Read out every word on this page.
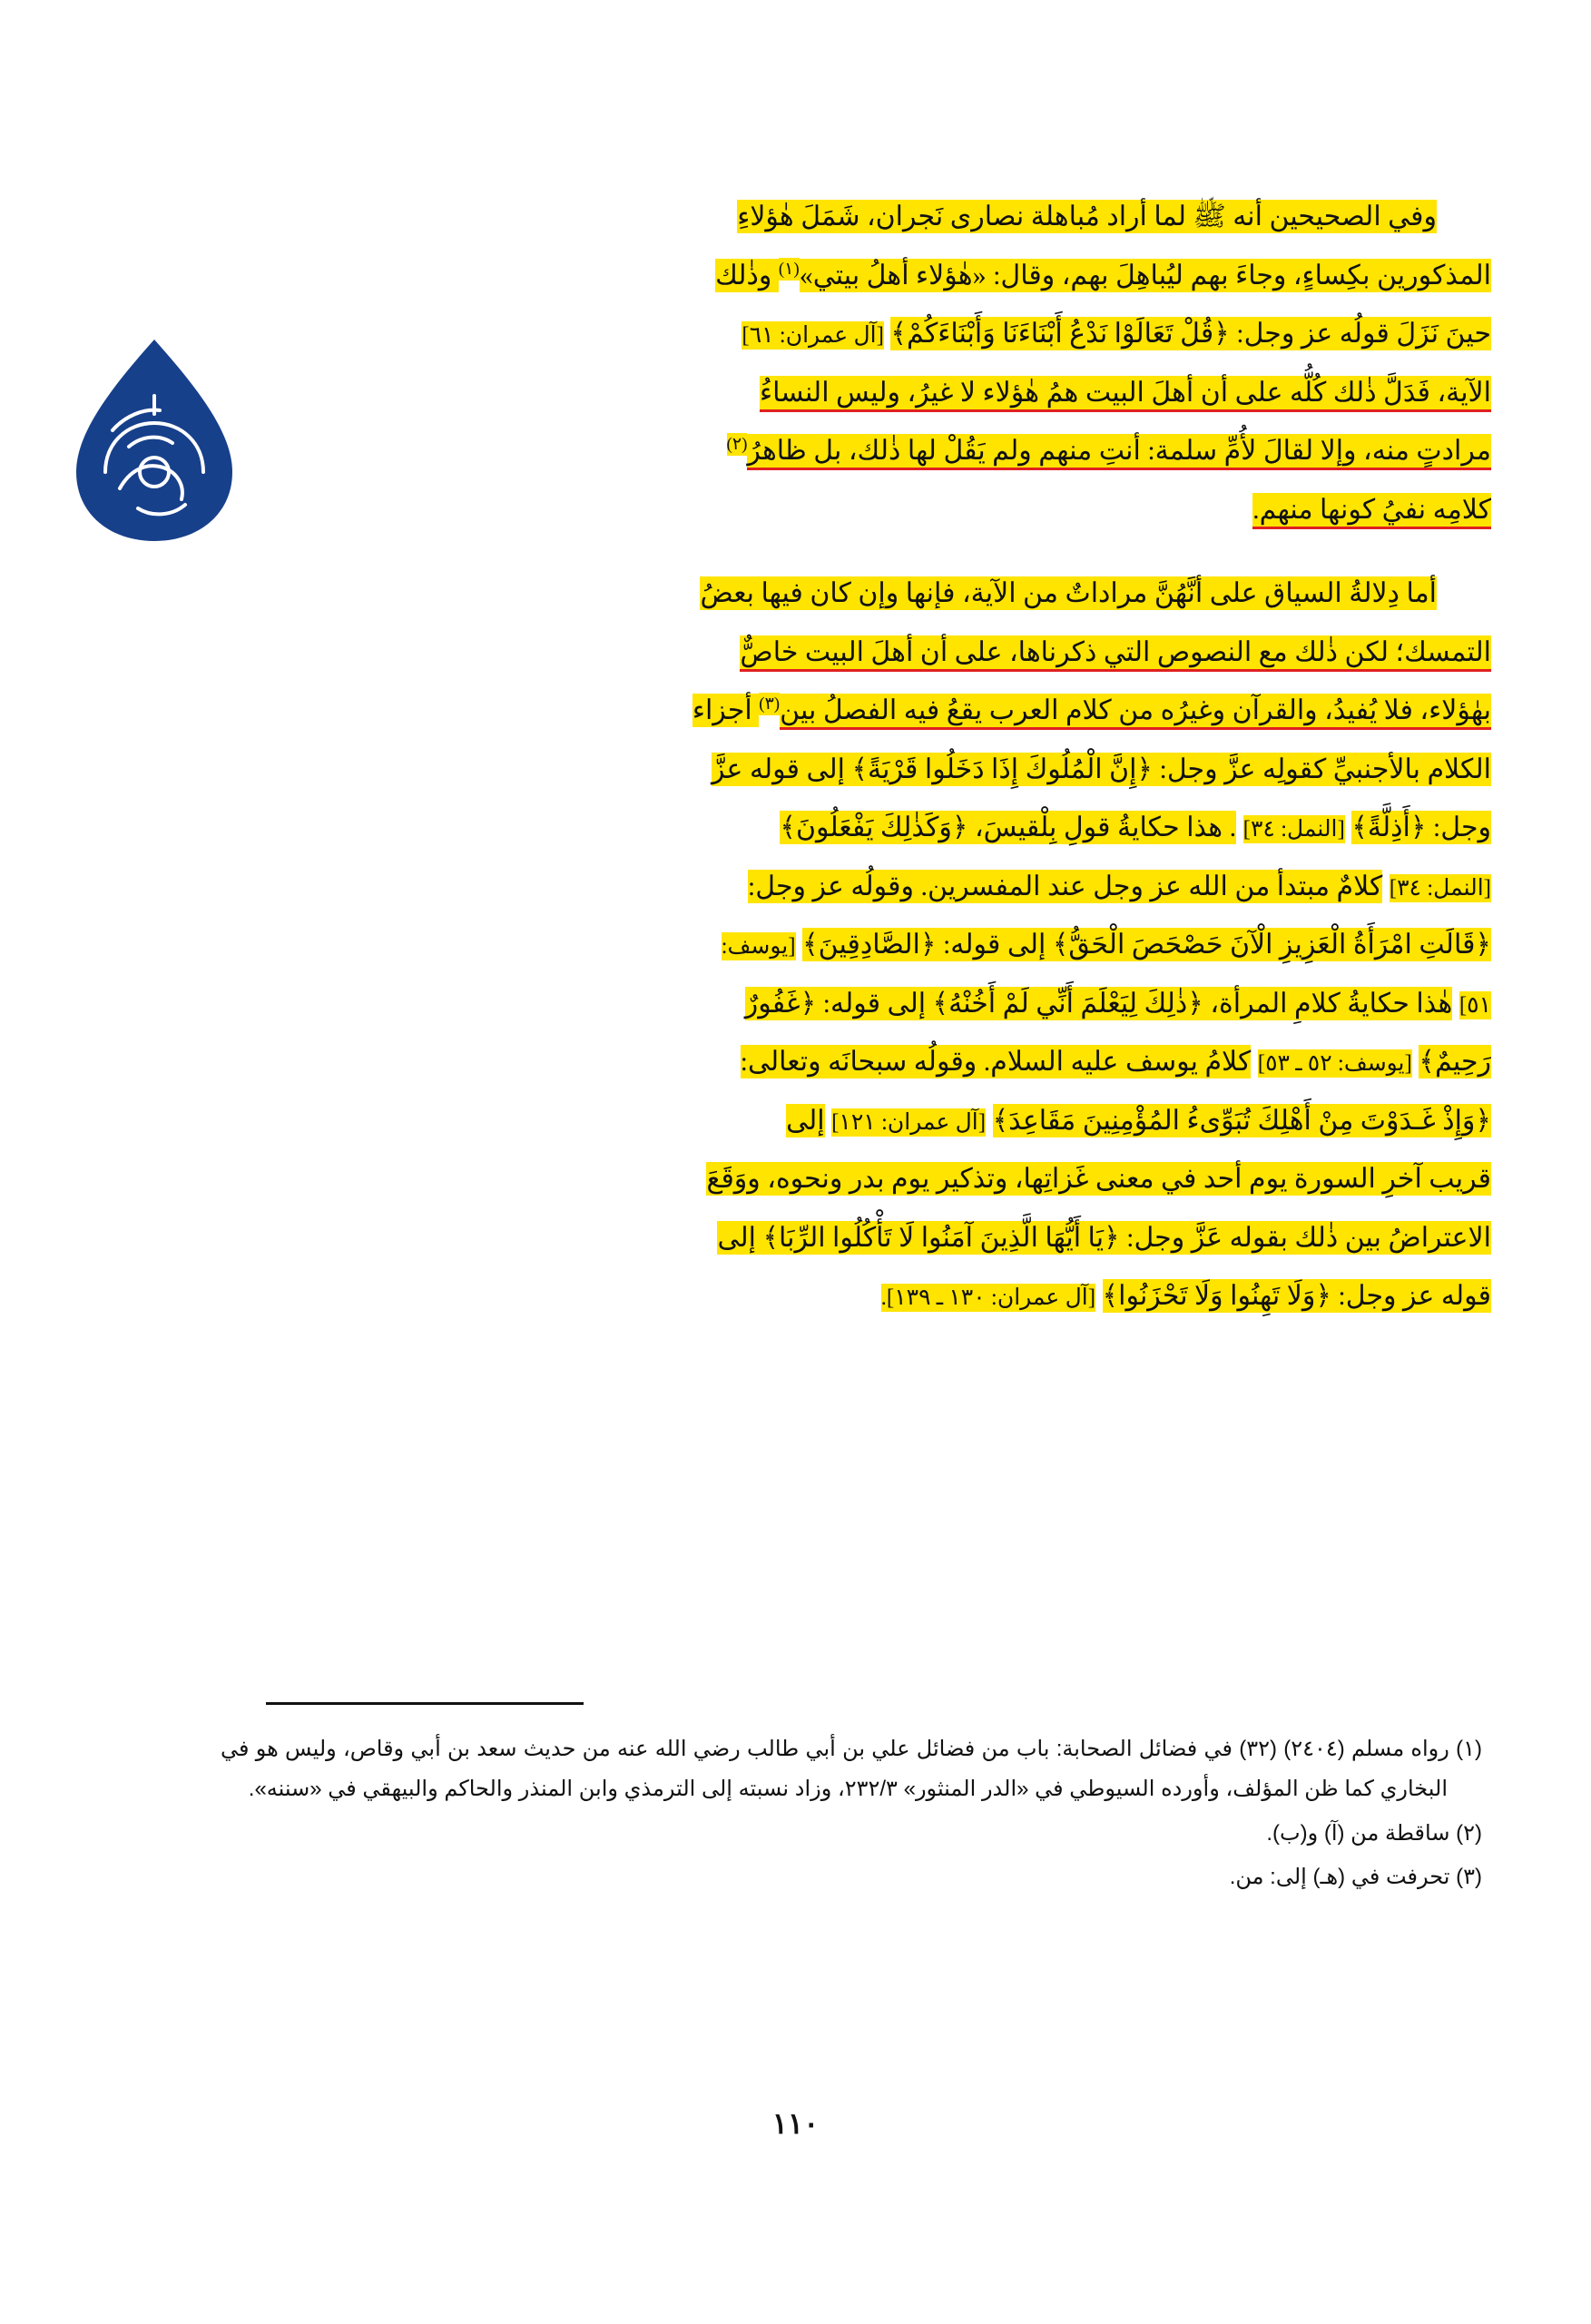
وفي الصحيحين أنه ﷺ لما أراد مُباهلة نصارى نَجران، شَمَلَ هٰؤلاءِ

المذكورين بكِساءٍ، وجاءَ بهم ليُباهِلَ بهم، وقال: «هٰؤلاء أهلُ بيتي»$^{(١)}$ وذٰلك

حينَ نَزَلَ قولُه عز وجل: ﴿قُلْ تَعَالَوْا نَدْعُ أَبْنَاءَنَا وَأَبْنَاءَكُمْ﴾ [آل عمران: ٦١]

الآية، فَدَلَّ ذٰلك كُلُّه على أن أهلَ البيت همُ هٰؤلاء لا غيرُ، وليس النساءُ

مرادتٍ منه، وإلا لقالَ لأُمِّ سلمة: أنتِ منهم ولم يَقُلْ لها ذٰلك، بل ظاهرُ$^{(٢)}$

كلامِه نفيُ كونها منهم.

أما دِلالةُ السياق على أنَّهُنَّ مراداتٌ من الآية، فإنها وإن كان فيها بعضُ

التمسك؛ لكن ذٰلك مع النصوص التي ذكرناها، على أن أهلَ البيت خاصٌّ

بهٰؤلاء، فلا يُفيدُ، والقرآن وغيرُه من كلام العرب يقعُ فيه الفصلُ بين$^{(٣)}$ أجزاء

الكلام بالأجنبيِّ كقولِه عزَّ وجل: ﴿إِنَّ الْمُلُوكَ إِذَا دَخَلُوا قَرْيَةً﴾ إلى قوله عزَّ

وجل: ﴿أَذِلَّةً﴾ [النمل: ٣٤] . هذا حكايةُ قولِ بِلْقيسَ، ﴿وَكَذٰلِكَ يَفْعَلُونَ﴾

[النمل: ٣٤] كلامٌ مبتدأ من الله عز وجل عند المفسرين. وقولُه عز وجل:

﴿قَالَتِ امْرَأَةُ الْعَزِيزِ الْآنَ حَصْحَصَ الْحَقُّ﴾ إلى قوله: ﴿الصَّادِقِينَ﴾ [يوسف:

٥١] هٰذا حكايةُ كلامِ المرأة، ﴿ذٰلِكَ لِيَعْلَمَ أَنِّي لَمْ أَخُنْهُ﴾ إلى قوله: ﴿غَفُورٌ

رَحِيمٌ﴾ [يوسف: ٥٢ ـ ٥٣] كلامُ يوسف عليه السلام. وقولُه سبحانَه وتعالى:

﴿وَإِذْ غَـدَوْتَ مِنْ أَهْلِكَ تُبَوِّىءُ المُؤْمِنِينَ مَقَاعِدَ﴾ [آل عمران: ١٢١] إلى

قريب آخرِ السورة يوم أحد في معنى غَزاتِها، وتذكير يوم بدر ونحوه، ووَقَعَ

الاعتراضُ بين ذٰلك بقوله عَزَّ وجل: ﴿يَا أَيُّهَا الَّذِينَ آمَنُوا لَا تَأْكُلُوا الرِّبَا﴾ إلى

قوله عز وجل: ﴿وَلَا تَهِنُوا وَلَا تَحْزَنُوا﴾ [آل عمران: ١٣٠ ـ ١٣٩].

(١) رواه مسلم (٢٤٠٤) (٣٢) في فضائل الصحابة: باب من فضائل علي بن أبي طالب رضي الله عنه من حديث سعد بن أبي وقاص، وليس هو في البخاري كما ظن المؤلف، وأورده السيوطي في «الدر المنثور» ٢٣٢/٣، وزاد نسبته إلى الترمذي وابن المنذر والحاكم والبيهقي في «سننه».
(٢) ساقطة من (آ) و(ب).
(٣) تحرفت في (هـ) إلى: من.
١١٠
